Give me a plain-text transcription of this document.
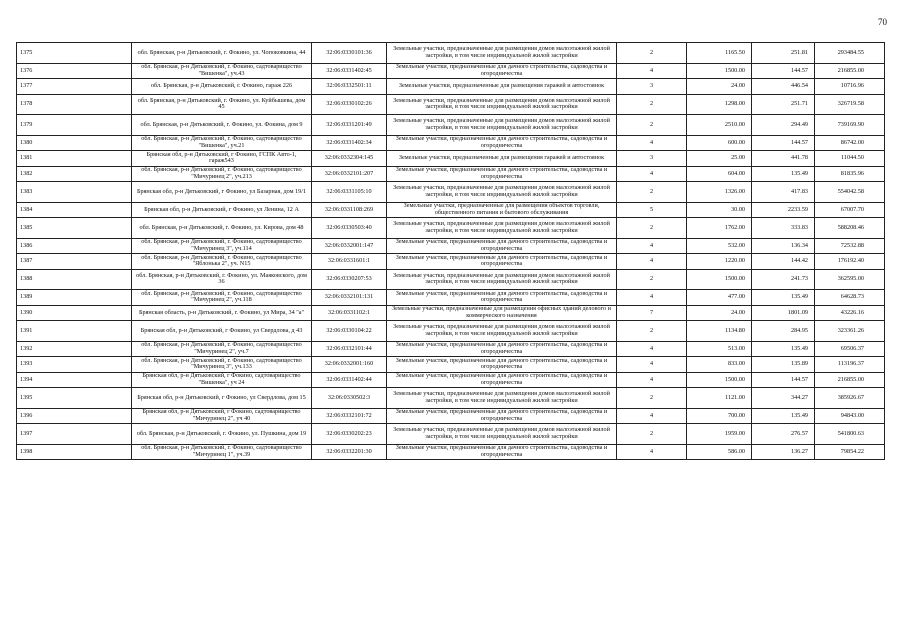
70
1375	обл. Брянская, р-н Дятьковский, г. Фокино, ул. Чопоковкина, 44	32:06:0330101:36	Земельные участки, предназначенные для размещения домов малоэтажной жилой застройки, в том числе индивидуальной жилой застройки	2	1165.50	251.81	293484.55
1376	обл. Брянская, р-н Дятьковский, г. Фокино, садтоварищество "Вишенка", уч.43	32:06:0331402:45	Земельные участки, предназначенные для дачного строительства, садоводства и огородничества	4	1500.00	144.57	216855.00
1377	обл. Брянская, р-н Дятьковский, г. Фокино, гараж 226	32:06:0332501:11	Земельные участки, предназначенные для размещения гаражей и автостоянок	3	24.00	446.54	10716.96
1378	обл. Брянская, р-н Дятьковский, г. Фокино, ул. Куйбышева, дом 45	32:06:0330102:26	Земельные участки, предназначенные для размещения домов малоэтажной жилой застройки, в том числе индивидуальной жилой застройки	2	1298.00	251.71	326719.58
1379	обл. Брянская, р-н Дятьковский, г. Фокино, ул. Фокина, дом 9	32:06:0331201:49	Земельные участки, предназначенные для размещения домов малоэтажной жилой застройки, в том числе индивидуальной жилой застройки	2	2510.00	294.49	739169.90
1380	обл. Брянская, р-н Дятьковский, г. Фокино, садтоварищество "Вишенка", уч.21	32:06:0331402:34	Земельные участки, предназначенные для дачного строительства, садоводства и огородничества	4	600.00	144.57	86742.00
1381	Брянская обл, р-н Дятьковский, г Фокино, ГСПК Авто-1, гараж543	32:06:0332304:145	Земельные участки, предназначенные для размещения гаражей и автостоянок	3	25.00	441.78	11044.50
1382	обл. Брянская, р-н Дятьковский, г. Фокино, садтоварищество "Мичуринец 2", уч.213	32:06:0332101:207	Земельные участки, предназначенные для дачного строительства, садоводства и огородничества	4	604.00	135.49	81835.96
1383	Брянская обл, р-н Дятьковский, г Фокино, ул Базарная, дом 19/1	32:06:0331105:10	Земельные участки, предназначенные для размещения домов малоэтажной жилой застройки, в том числе индивидуальной жилой застройки	2	1326.00	417.83	554042.58
1384	Брянская обл, р-н Дятьковский, г Фокино, ул Ленина, 12 А	32:06:0331108:269	Земельные участки, предназначенные для размещения объектов торговли, общественного питания и бытового обслуживания	5	30.00	2233.59	67007.70
1385	обл. Брянская, р-н Дятьковский, г. Фокино, ул. Кирова, дом 48	32:06:0330503:40	Земельные участки, предназначенные для размещения домов малоэтажной жилой застройки, в том числе индивидуальной жилой застройки	2	1762.00	333.83	588208.46
1386	обл. Брянская, р-н Дятьковский, г. Фокино, садтоварищество "Мичуринец 3", уч.114	32:06:0332001:147	Земельные участки, предназначенные для дачного строительства, садоводства и огородничества	4	532.00	136.34	72532.88
1387	обл. Брянская, р-н Дятьковский, г. Фокино, садтоварищество "Яблонька 2", уч. N15	32:06:0331601:1	Земельные участки, предназначенные для дачного строительства, садоводства и огородничества	4	1220.00	144.42	176192.40
1388	обл. Брянская, р-н Дятьковский, г. Фокино, ул. Маяковского, дом 36	32:06:0330207:53	Земельные участки, предназначенные для размещения домов малоэтажной жилой застройки, в том числе индивидуальной жилой застройки	2	1500.00	241.73	362595.00
1389	обл. Брянская, р-н Дятьковский, г. Фокино, садтоварищество "Мичуринец 2", уч.118	32:06:0332101:131	Земельные участки, предназначенные для дачного строительства, садоводства и огородничества	4	477.00	135.49	64628.73
1390	Брянская область, р-н Дятьковский, г. Фокино, ул Мира, 34 "а"	32:06:0331102:1	Земельные участки, предназначенные для размещения офисных зданий делового и коммерческого назначения	7	24.00	1801.09	43226.16
1391	Брянская обл, р-н Дятьковский, г Фокино, ул Свердлова, д 43	32:06:0330104:22	Земельные участки, предназначенные для размещения домов малоэтажной жилой застройки, в том числе индивидуальной жилой застройки	2	1134.80	284.95	323361.26
1392	обл. Брянская, р-н Дятьковский, г. Фокино, садтоварищество "Мичуринец 2", уч.7	32:06:0332101:44	Земельные участки, предназначенные для дачного строительства, садоводства и огородничества	4	513.00	135.49	69506.37
1393	обл. Брянская, р-н Дятьковский, г. Фокино, садтоварищество "Мичуринец 3", уч.133	32:06:0332001:160	Земельные участки, предназначенные для дачного строительства, садоводства и огородничества	4	833.00	135.89	113196.37
1394	Брянская обл, р-н Дятьковский, г Фокино, садтоварищество "Вишенка", уч 24	32:06:0331402:44	Земельные участки, предназначенные для дачного строительства, садоводства и огородничества	4	1500.00	144.57	216855.00
1395	Брянская обл, р-н Дятьковский, г Фокино, ул Свердлова, дом 15	32:06:0330502:3	Земельные участки, предназначенные для размещения домов малоэтажной жилой застройки, в том числе индивидуальной жилой застройки	2	1121.00	344.27	385926.67
1396	Брянская обл, р-н Дятьковский, г Фокино, садтоварищество "Мичуринец 2", уч 40	32:06:0332101:72	Земельные участки, предназначенные для дачного строительства, садоводства и огородничества	4	700.00	135.49	94843.00
1397	обл. Брянская, р-н Дятьковский, г. Фокино, ул. Пушкина, дом 19	32:06:0330202:23	Земельные участки, предназначенные для размещения домов малоэтажной жилой застройки, в том числе индивидуальной жилой застройки	2	1959.00	276.57	541800.63
1398	обл. Брянская, р-н Дятьковский, г. Фокино, садтоварищество "Мичуринец 1", уч.39	32:06:0332201:30	Земельные участки, предназначенные для дачного строительства, садоводства и огородничества	4	586.00	136.27	79854.22
